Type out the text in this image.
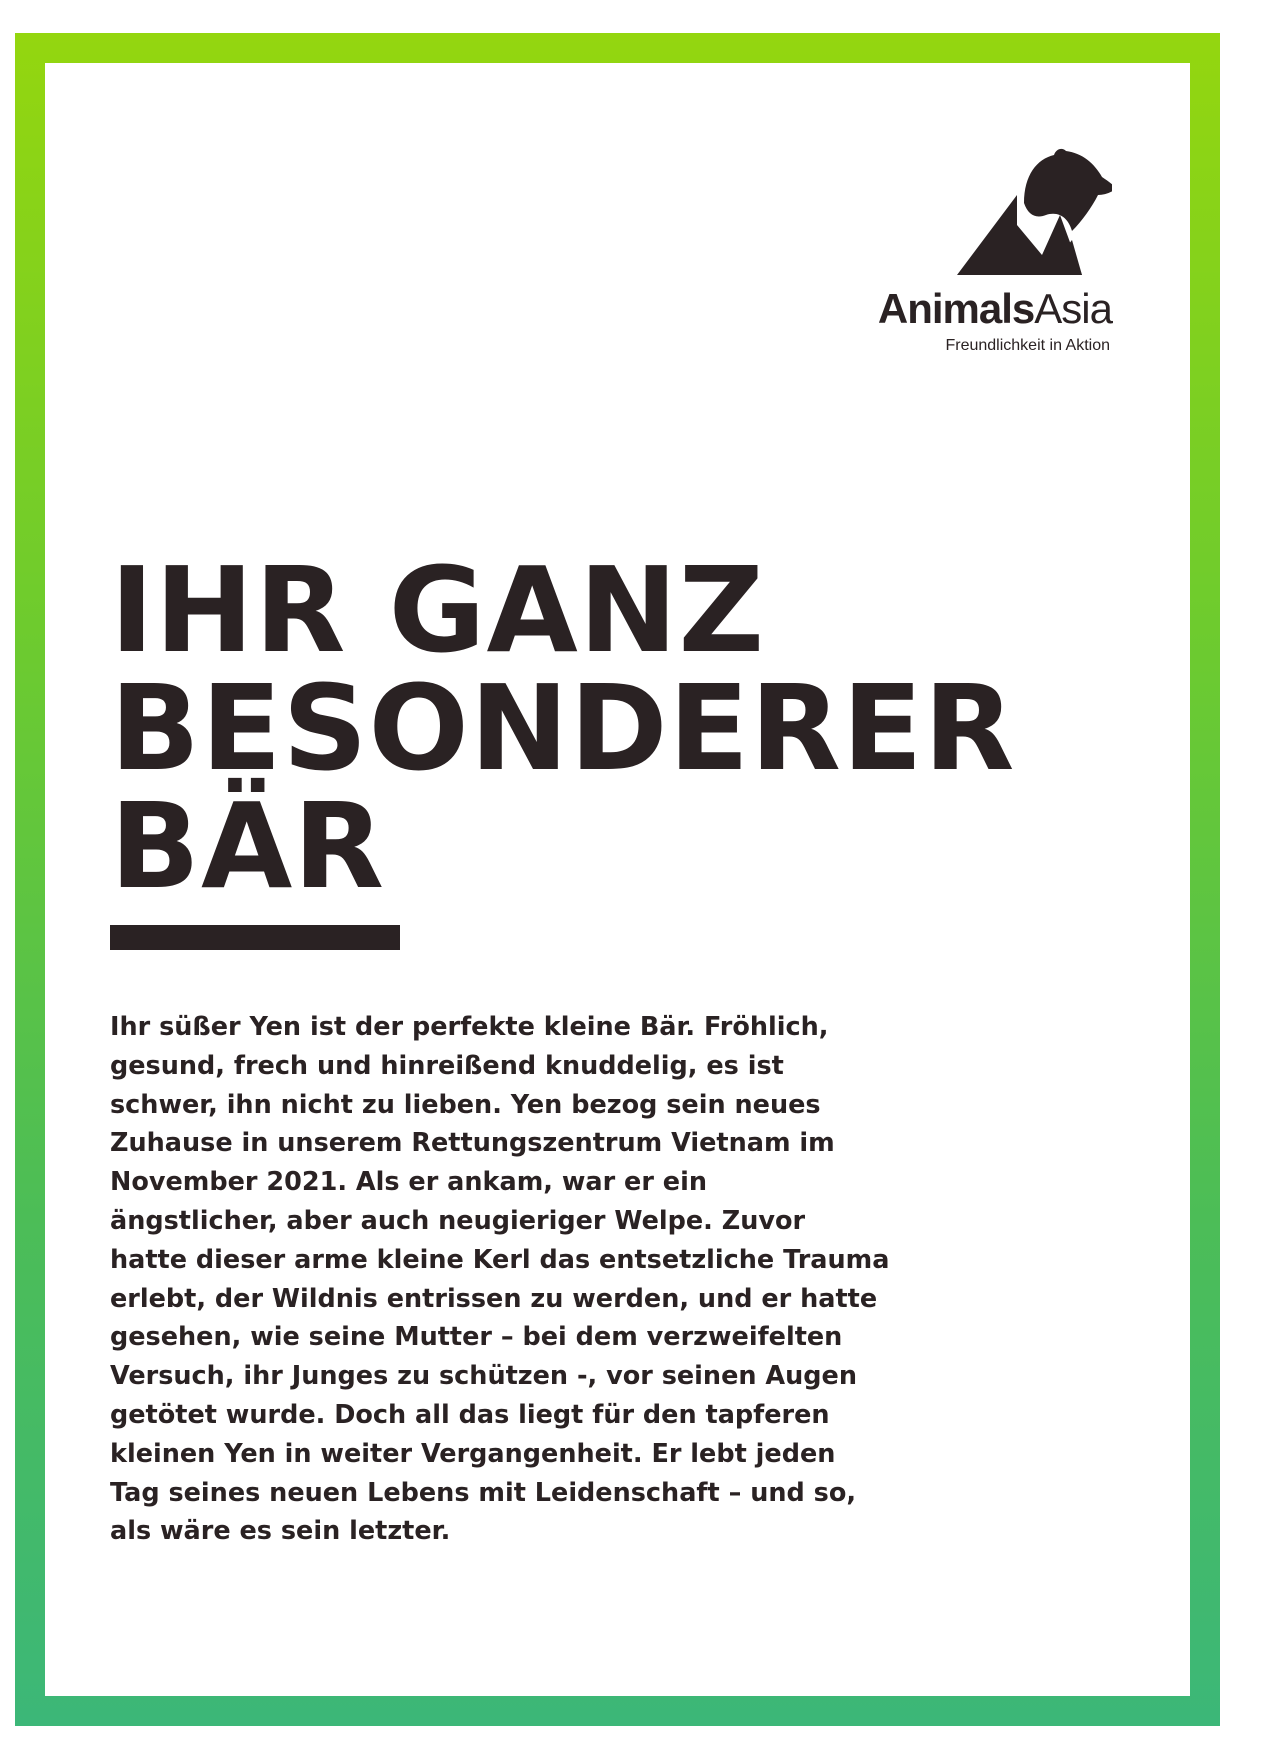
AnimalsAsia
Freundlichkeit in Aktion
IHR GANZ
BESONDERER
BÄR

Ihr süßer Yen ist der perfekte kleine Bär. Fröhlich,
gesund, frech und hinreißend knuddelig, es ist
schwer, ihn nicht zu lieben. Yen bezog sein neues
Zuhause in unserem Rettungszentrum Vietnam im
November 2021. Als er ankam, war er ein
ängstlicher, aber auch neugieriger Welpe. Zuvor
hatte dieser arme kleine Kerl das entsetzliche Trauma
erlebt, der Wildnis entrissen zu werden, und er hatte
gesehen, wie seine Mutter – bei dem verzweifelten
Versuch, ihr Junges zu schützen -, vor seinen Augen
getötet wurde. Doch all das liegt für den tapferen
kleinen Yen in weiter Vergangenheit. Er lebt jeden
Tag seines neuen Lebens mit Leidenschaft – und so,
als wäre es sein letzter.
